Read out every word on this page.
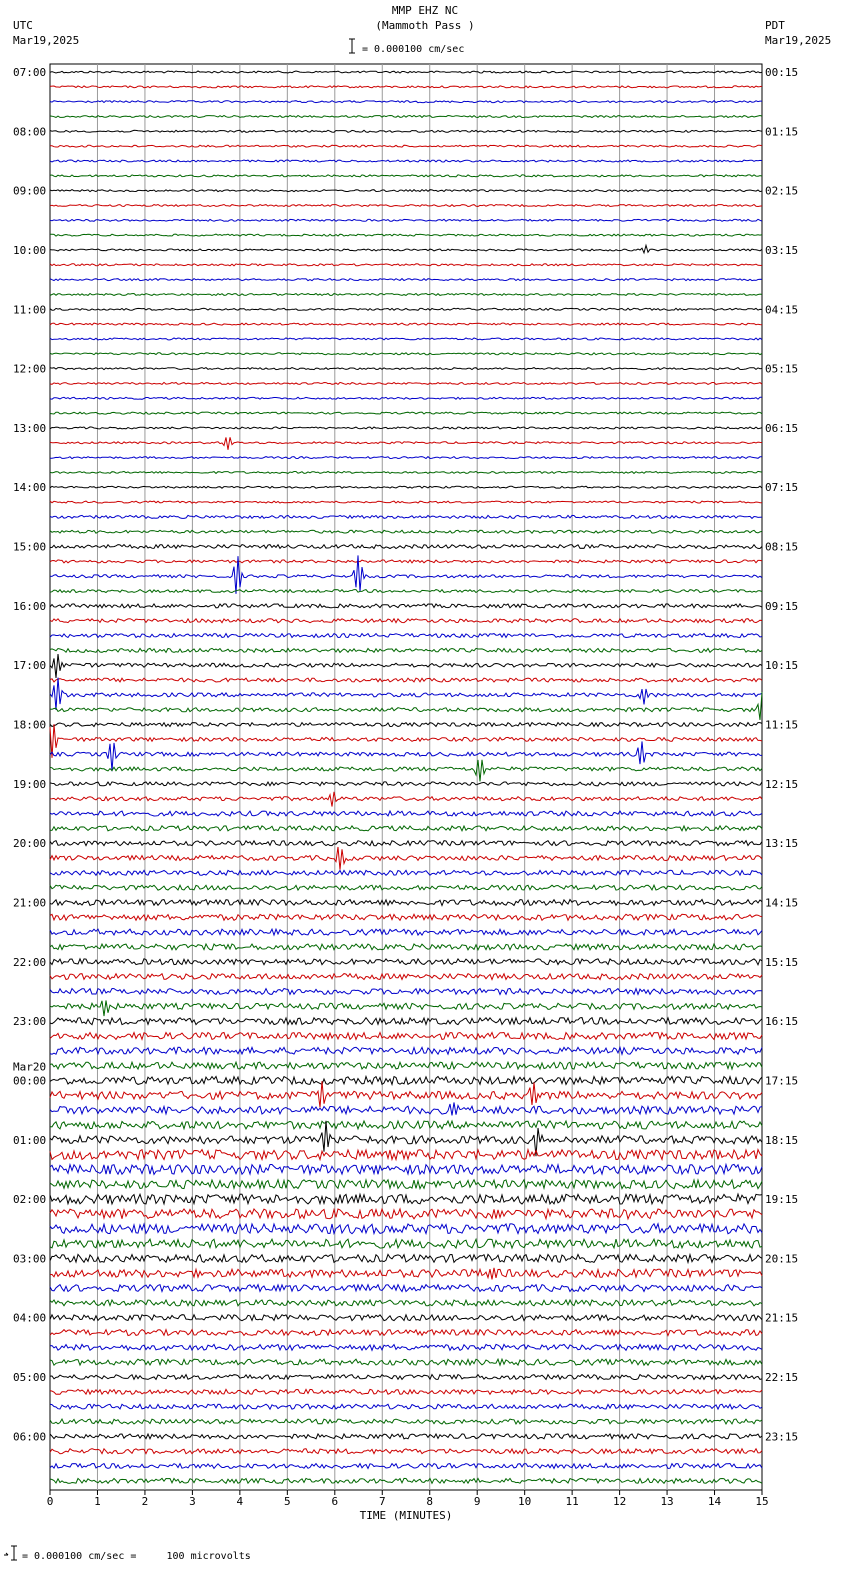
0	1	2	3	4	5	6	7	8	9	10	11	12	13	14	15
TIME (MINUTES)
07:00
08:00
09:00
10:00
11:00
12:00
13:00
14:00
15:00
16:00
17:00
18:00
19:00
20:00
21:00
22:00
23:00
00:00
Mar20
01:00
02:00
03:00
04:00
05:00
06:00
00:15
01:15
02:15
03:15
04:15
05:15
06:15
07:15
08:15
09:15
10:15
11:15
12:15
13:15
14:15
15:15
16:15
17:15
18:15
19:15
20:15
21:15
22:15
23:15
MMP EHZ NC
(Mammoth Pass )
= 0.000100 cm/sec
UTC
Mar19,2025
PDT
Mar19,2025
= 0.000100 cm/sec =     100 microvolts
